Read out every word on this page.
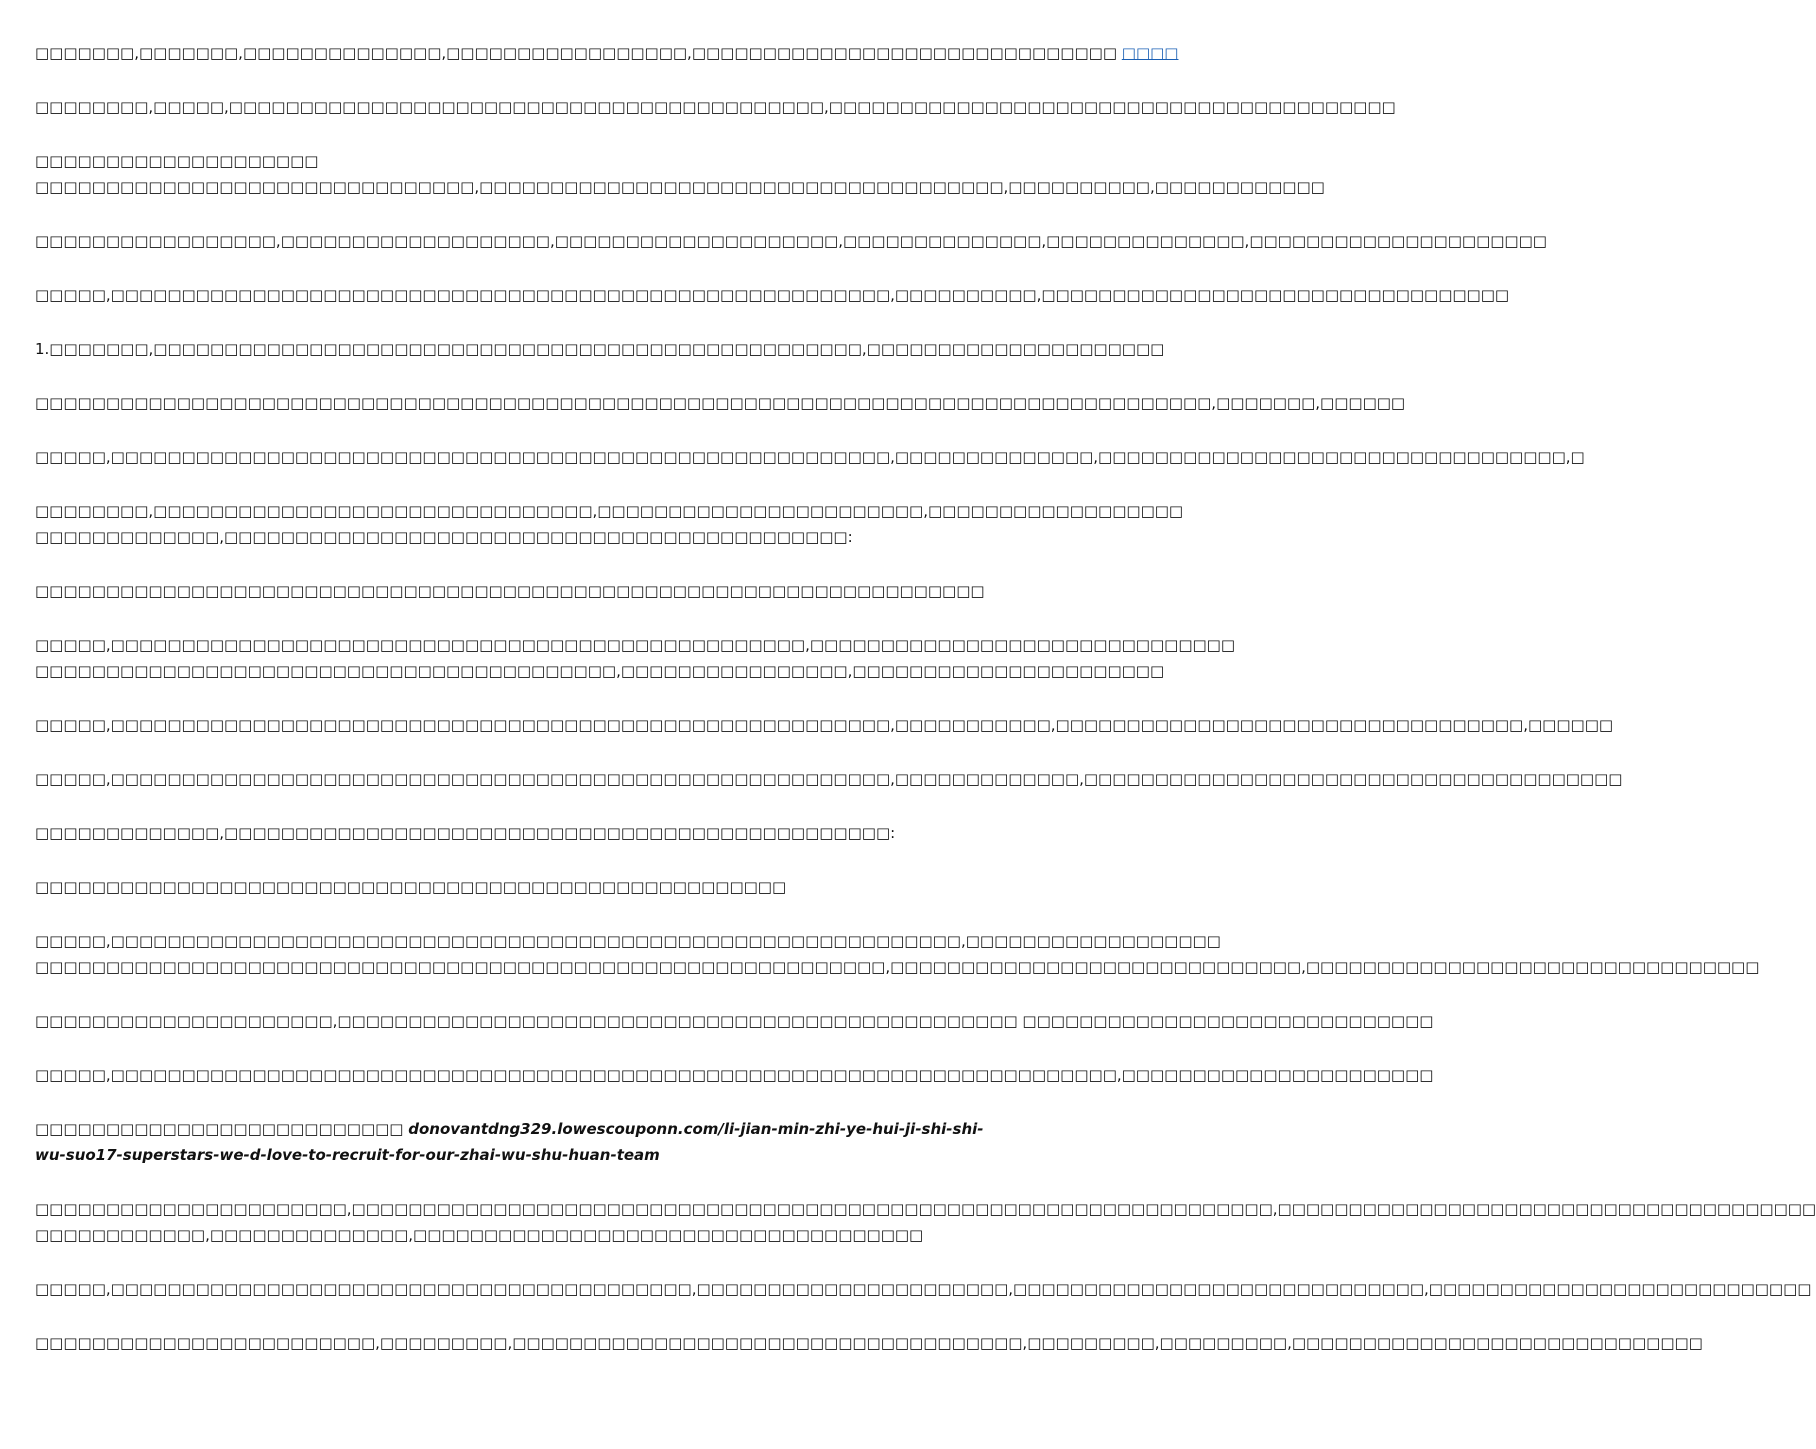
□□□□□□□,□□□□□□□,□□□□□□□□□□□□□□,□□□□□□□□□□□□□□□□□,□□□□□□□□□□□□□□□□□□□□□□□□□□□□□□ □□□□

□□□□□□□□,□□□□□,□□□□□□□□□□□□□□□□□□□□□□□□□□□□□□□□□□□□□□□□□□,□□□□□□□□□□□□□□□□□□□□□□□□□□□□□□□□□□□□□□□□

□□□□□□□□□□□□□□□□□□□□
□□□□□□□□□□□□□□□□□□□□□□□□□□□□□□□,□□□□□□□□□□□□□□□□□□□□□□□□□□□□□□□□□□□□□,□□□□□□□□□□,□□□□□□□□□□□□

□□□□□□□□□□□□□□□□□,□□□□□□□□□□□□□□□□□□□,□□□□□□□□□□□□□□□□□□□□,□□□□□□□□□□□□□□,□□□□□□□□□□□□□□,□□□□□□□□□□□□□□□□□□□□□

□□□□□,□□□□□□□□□□□□□□□□□□□□□□□□□□□□□□□□□□□□□□□□□□□□□□□□□□□□□□□,□□□□□□□□□□,□□□□□□□□□□□□□□□□□□□□□□□□□□□□□□□□□

1.□□□□□□□,□□□□□□□□□□□□□□□□□□□□□□□□□□□□□□□□□□□□□□□□□□□□□□□□□□,□□□□□□□□□□□□□□□□□□□□□

□□□□□□□□□□□□□□□□□□□□□□□□□□□□□□□□□□□□□□□□□□□□□□□□□□□□□□□□□□□□□□□□□□□□□□□□□□□□□□□□□□□,□□□□□□□,□□□□□□

□□□□□,□□□□□□□□□□□□□□□□□□□□□□□□□□□□□□□□□□□□□□□□□□□□□□□□□□□□□□□,□□□□□□□□□□□□□□,□□□□□□□□□□□□□□□□□□□□□□□□□□□□□□□□□,□

□□□□□□□□,□□□□□□□□□□□□□□□□□□□□□□□□□□□□□□□,□□□□□□□□□□□□□□□□□□□□□□□,□□□□□□□□□□□□□□□□□□
□□□□□□□□□□□□□,□□□□□□□□□□□□□□□□□□□□□□□□□□□□□□□□□□□□□□□□□□□□:

□□□□□□□□□□□□□□□□□□□□□□□□□□□□□□□□□□□□□□□□□□□□□□□□□□□□□□□□□□□□□□□□□□□

□□□□□,□□□□□□□□□□□□□□□□□□□□□□□□□□□□□□□□□□□□□□□□□□□□□□□□□,□□□□□□□□□□□□□□□□□□□□□□□□□□□□□□
□□□□□□□□□□□□□□□□□□□□□□□□□□□□□□□□□□□□□□□□□,□□□□□□□□□□□□□□□□,□□□□□□□□□□□□□□□□□□□□□□

□□□□□,□□□□□□□□□□□□□□□□□□□□□□□□□□□□□□□□□□□□□□□□□□□□□□□□□□□□□□□,□□□□□□□□□□□,□□□□□□□□□□□□□□□□□□□□□□□□□□□□□□□□□,□□□□□□

□□□□□,□□□□□□□□□□□□□□□□□□□□□□□□□□□□□□□□□□□□□□□□□□□□□□□□□□□□□□□,□□□□□□□□□□□□□,□□□□□□□□□□□□□□□□□□□□□□□□□□□□□□□□□□□□□□

□□□□□□□□□□□□□,□□□□□□□□□□□□□□□□□□□□□□□□□□□□□□□□□□□□□□□□□□□□□□□:

□□□□□□□□□□□□□□□□□□□□□□□□□□□□□□□□□□□□□□□□□□□□□□□□□□□□□

□□□□□,□□□□□□□□□□□□□□□□□□□□□□□□□□□□□□□□□□□□□□□□□□□□□□□□□□□□□□□□□□□□,□□□□□□□□□□□□□□□□□□
□□□□□□□□□□□□□□□□□□□□□□□□□□□□□□□□□□□□□□□□□□□□□□□□□□□□□□□□□□□□,□□□□□□□□□□□□□□□□□□□□□□□□□□□□□,□□□□□□□□□□□□□□□□□□□□□□□□□□□□□□□□

□□□□□□□□□□□□□□□□□□□□□,□□□□□□□□□□□□□□□□□□□□□□□□□□□□□□□□□□□□□□□□□□□□□□□□ □□□□□□□□□□□□□□□□□□□□□□□□□□□□□

□□□□□,□□□□□□□□□□□□□□□□□□□□□□□□□□□□□□□□□□□□□□□□□□□□□□□□□□□□□□□□□□□□□□□□□□□□□□□,□□□□□□□□□□□□□□□□□□□□□□

□□□□□□□□□□□□□□□□□□□□□□□□□□ donovantdng329.lowescouponn.com/li-jian-min-zhi-ye-hui-ji-shi-shi-wu-suo17-superstars-we-d-love-to-recruit-for-our-zhai-wu-shu-huan-team

□□□□□□□□□□□□□□□□□□□□□□,□□□□□□□□□□□□□□□□□□□□□□□□□□□□□□□□□□□□□□□□□□□□□□□□□□□□□□□□□□□□□□□□□,□□□□□□□□□□□□□□□□□□□□□□□□□□□□□□□□□□□□□□
□□□□□□□□□□□□,□□□□□□□□□□□□□□,□□□□□□□□□□□□□□□□□□□□□□□□□□□□□□□□□□□□

□□□□□,□□□□□□□□□□□□□□□□□□□□□□□□□□□□□□□□□□□□□□□□□,□□□□□□□□□□□□□□□□□□□□□□,□□□□□□□□□□□□□□□□□□□□□□□□□□□□□,□□□□□□□□□□□□□□□□□□□□□□□□□□□

□□□□□□□□□□□□□□□□□□□□□□□□,□□□□□□□□□,□□□□□□□□□□□□□□□□□□□□□□□□□□□□□□□□□□□□,□□□□□□□□□,□□□□□□□□□,□□□□□□□□□□□□□□□□□□□□□□□□□□□□□
